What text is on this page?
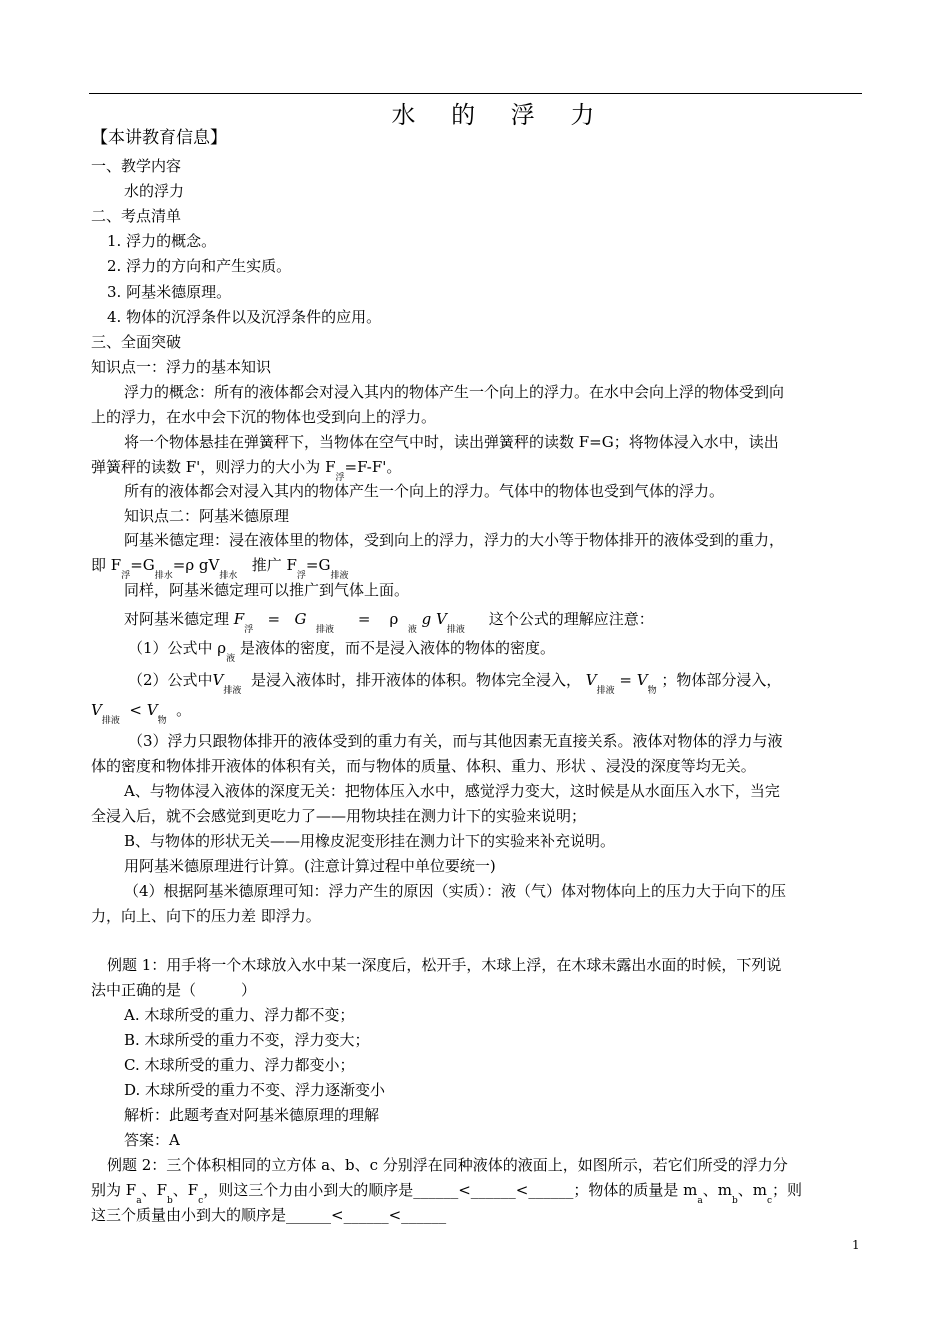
水 的 浮 力
【本讲教育信息】
一、教学内容
水的浮力
二、考点清单
1. 浮力的概念。
2. 浮力的方向和产生实质。
3. 阿基米德原理。
4. 物体的沉浮条件以及沉浮条件的应用。
三、全面突破
知识点一：浮力的基本知识
浮力的概念：所有的液体都会对浸入其内的物体产生一个向上的浮力。在水中会向上浮的物体受到向
上的浮力，在水中会下沉的物体也受到向上的浮力。
将一个物体悬挂在弹簧秤下，当物体在空气中时，读出弹簧秤的读数 F=G；将物体浸入水中，读出
弹簧秤的读数 F'，则浮力的大小为 $F_浮=F-F'$。
所有的液体都会对浸入其内的物体产生一个向上的浮力。气体中的物体也受到气体的浮力。
知识点二：阿基米德原理
阿基米德定理：浸在液体里的物体，受到向上的浮力，浮力的大小等于物体排开的液体受到的重力，
即 $F_浮=G_{排水}=\rho$ $gV_{排水}$   推广 $F_浮=G_{排液}$
同样，阿基米德定理可以推广到气体上面。
对阿基米德定理 $F_浮 = G$  $_{排液}$     = ρ  $_液$ g $V_{排液}$     这个公式的理解应注意：
（1）公式中 $\rho_液$ 是液体的密度，而不是浸入液体的物体的密度。
（2）公式中$V_{排液}$  是浸入液体时，排开液体的体积。物体完全浸入， $V_{排液} = V_物$ ；物体部分浸入，
$V_{排液} < V_物$  。
（3）浮力只跟物体排开的液体受到的重力有关，而与其他因素无直接关系。液体对物体的浮力与液
体的密度和物体排开液体的体积有关，而与物体的质量、体积、重力、形状 、浸没的深度等均无关。
A、与物体浸入液体的深度无关：把物体压入水中，感觉浮力变大，这时候是从水面压入水下，当完
全浸入后，就不会感觉到更吃力了——用物块挂在测力计下的实验来说明；
B、与物体的形状无关——用橡皮泥变形挂在测力计下的实验来补充说明。
用阿基米德原理进行计算。(注意计算过程中单位要统一)
（4）根据阿基米德原理可知：浮力产生的原因（实质）：液（气）体对物体向上的压力大于向下的压
力，向上、向下的压力差 即浮力。
例题 1：用手将一个木球放入水中某一深度后，松开手，木球上浮，在木球未露出水面的时候，下列说
法中正确的是（　　　）
A. 木球所受的重力、浮力都不变；
B. 木球所受的重力不变，浮力变大；
C. 木球所受的重力、浮力都变小；
D. 木球所受的重力不变、浮力逐渐变小
解析：此题考查对阿基米德原理的理解
答案：A
例题 2：三个体积相同的立方体 a、b、c 分别浮在同种液体的液面上，如图所示，若它们所受的浮力分
别为 $F_a$、$F_b$、$F_c$，则这三个力由小到大的顺序是______<______<______；物体的质量是 $m_a$、$m_b$、$m_c$；则
这三个质量由小到大的顺序是______<______<______
1
